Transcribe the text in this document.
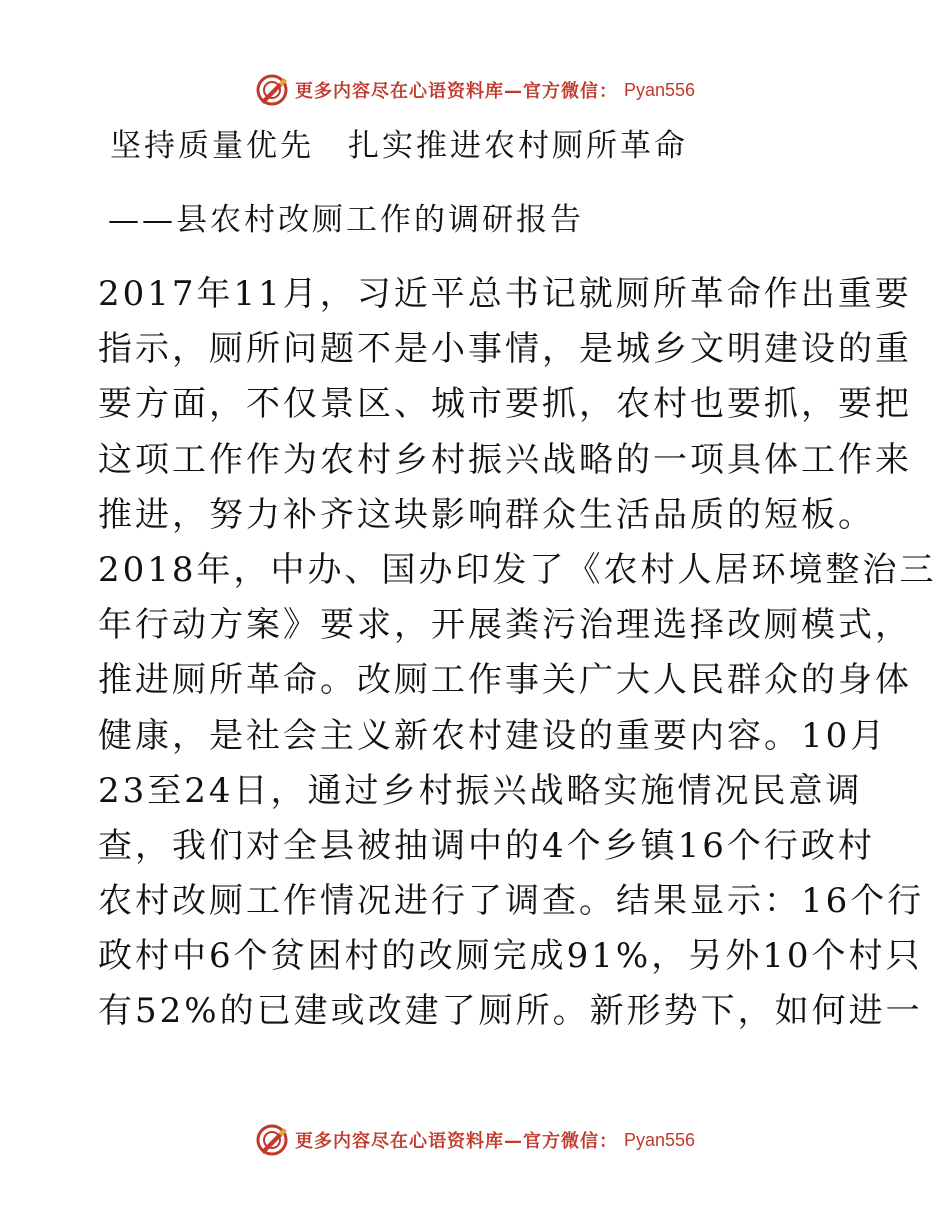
更多内容尽在心语资料库—官方微信： Pyan556
坚持质量优先　扎实推进农村厕所革命
——县农村改厕工作的调研报告
2017年11月，习近平总书记就厕所革命作出重要
指示，厕所问题不是小事情，是城乡文明建设的重
要方面，不仅景区、城市要抓，农村也要抓，要把
这项工作作为农村乡村振兴战略的一项具体工作来
推进，努力补齐这块影响群众生活品质的短板。
2018年，中办、国办印发了《农村人居环境整治三
年行动方案》要求，开展粪污治理选择改厕模式，
推进厕所革命。改厕工作事关广大人民群众的身体
健康，是社会主义新农村建设的重要内容。10月
23至24日，通过乡村振兴战略实施情况民意调
查，我们对全县被抽调中的4个乡镇16个行政村
农村改厕工作情况进行了调查。结果显示：16个行
政村中6个贫困村的改厕完成91%，另外10个村只
有52%的已建或改建了厕所。新形势下，如何进一
更多内容尽在心语资料库—官方微信： Pyan556
